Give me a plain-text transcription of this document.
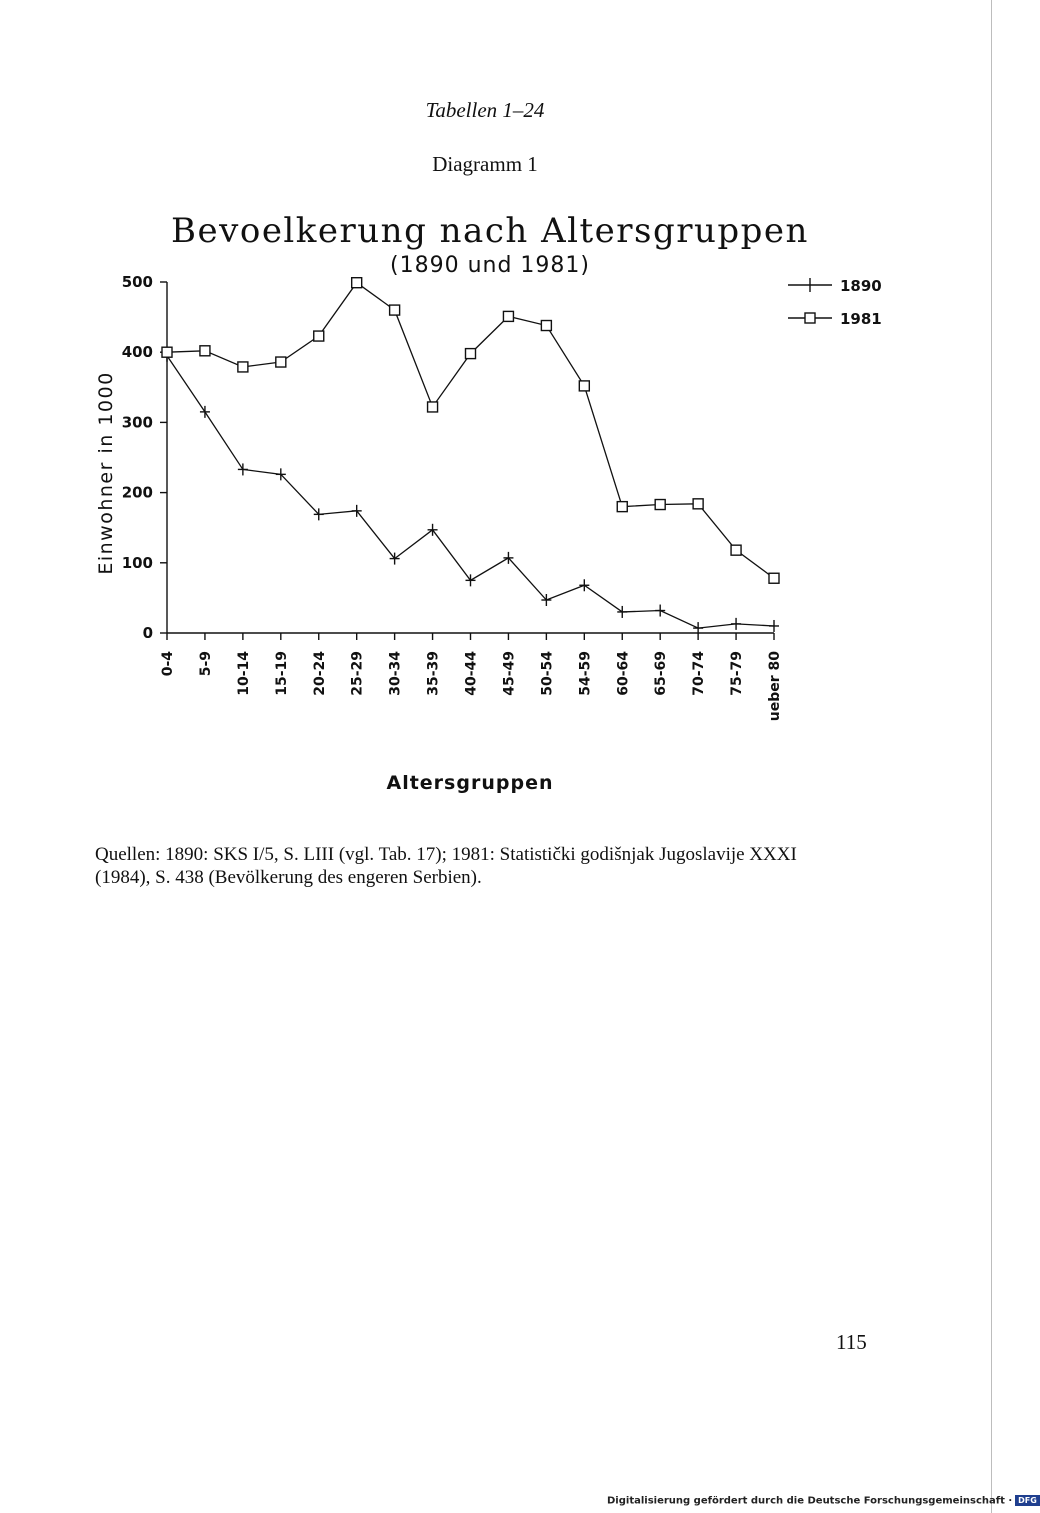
Tabellen 1–24
Diagramm 1
Bevoelkerung nach Altersgruppen
(1890 und 1981)
Einwohner in 1000
0
100
200
300
400
500
0-4 5-9 10-14 15-19 20-24 25-29 30-34 35-39 40-44 45-49 50-54 54-59 60-64 65-69 70-74 75-79 ueber 80
1890
1981
Altersgruppen
Quellen: 1890: SKS I/5, S. LIII (vgl. Tab. 17); 1981: Statistički godišnjak Jugoslavije XXXI
(1984), S. 438 (Bevölkerung des engeren Serbien).
115
Digitalisierung gefördert durch die Deutsche Forschungsgemeinschaft · DFG
